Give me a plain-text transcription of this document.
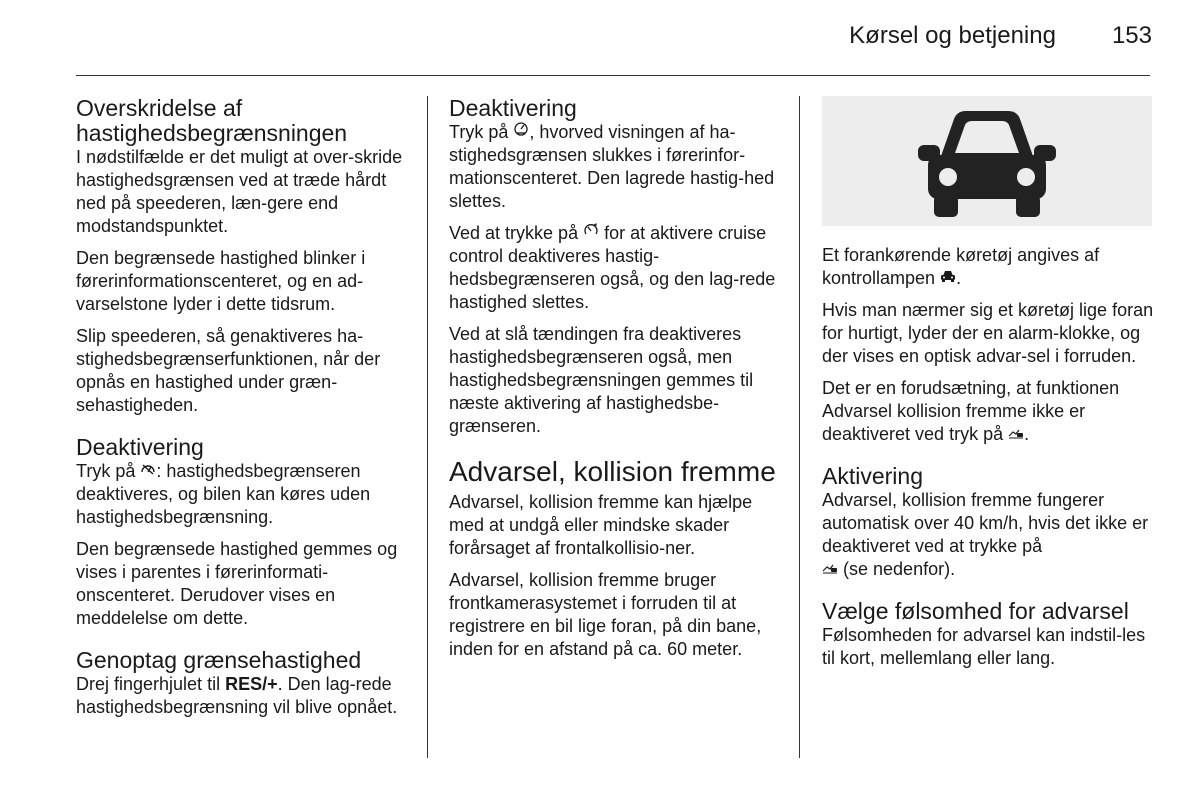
Kørsel og betjening 153
Overskridelse af
hastighedsbegrænsningen

I nødstilfælde er det muligt at over-skride hastighedsgrænsen ved at træde hårdt ned på speederen, læn-gere end modstandspunktet.

Den begrænsede hastighed blinker i førerinformationscenteret, og en ad-varselstone lyder i dette tidsrum.

Slip speederen, så genaktiveres ha-stighedsbegrænserfunktionen, når der opnås en hastighed under græn-sehastigheden.

Deaktivering

Tryk på : hastighedsbegrænseren deaktiveres, og bilen kan køres uden hastighedsbegrænsning.

Den begrænsede hastighed gemmes og vises i parentes i førerinformati-onscenteret. Derudover vises en meddelelse om dette.

Genoptag grænsehastighed

Drej fingerhjulet til RES/+. Den lag-rede hastighedsbegrænsning vil blive opnået.

Deaktivering

Tryk på , hvorved visningen af ha-stighedsgrænsen slukkes i førerinfor-mationscenteret. Den lagrede hastig-hed slettes.

Ved at trykke på for at aktivere cruise control deaktiveres hastig-hedsbegrænseren også, og den lag-rede hastighed slettes.

Ved at slå tændingen fra deaktiveres hastighedsbegrænseren også, men hastighedsbegrænsningen gemmes til næste aktivering af hastighedsbe-grænseren.

Advarsel, kollision fremme

Advarsel, kollision fremme kan hjælpe med at undgå eller mindske skader forårsaget af frontalkollisio-ner.

Advarsel, kollision fremme bruger frontkamerasystemet i forruden til at registrere en bil lige foran, på din bane, inden for en afstand på ca. 60 meter.

Et forankørende køretøj angives af kontrollampen .

Hvis man nærmer sig et køretøj lige foran for hurtigt, lyder der en alarm-klokke, og der vises en optisk advar-sel i forruden.

Det er en forudsætning, at funktionen Advarsel kollision fremme ikke er deaktiveret ved tryk på .

Aktivering

Advarsel, kollision fremme fungerer automatisk over 40 km/h, hvis det ikke er deaktiveret ved at trykke på
(se nedenfor).

Vælge følsomhed for advarsel

Følsomheden for advarsel kan indstil-les til kort, mellemlang eller lang.
